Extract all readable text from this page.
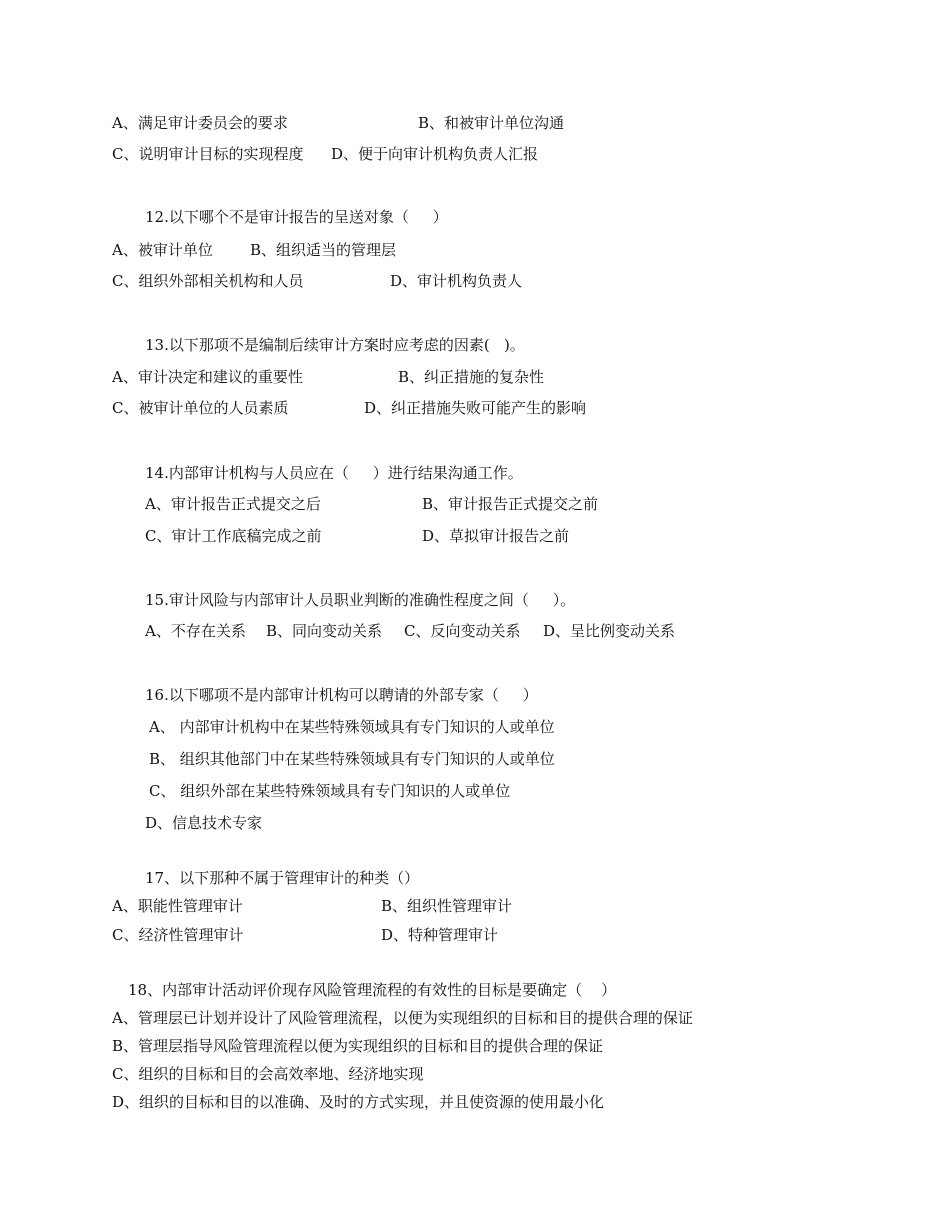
A、满足审计委员会的要求	B、和被审计单位沟通
C、说明审计目标的实现程度 D、便于向审计机构负责人汇报
12.以下哪个不是审计报告的呈送对象（     ）
A、被审计单位 B、组织适当的管理层
C、组织外部相关机构和人员	D、审计机构负责人
13.以下那项不是编制后续审计方案时应考虑的因素(   )。
A、审计决定和建议的重要性	B、纠正措施的复杂性
C、被审计单位的人员素质	D、纠正措施失败可能产生的影响
14.内部审计机构与人员应在（     ）进行结果沟通工作。
A、审计报告正式提交之后	B、审计报告正式提交之前
C、审计工作底稿完成之前	D、草拟审计报告之前
15.审计风险与内部审计人员职业判断的准确性程度之间（     ）。
A、不存在关系 B、同向变动关系 C、反向变动关系 D、呈比例变动关系
16.以下哪项不是内部审计机构可以聘请的外部专家（     ）
A、 内部审计机构中在某些特殊领域具有专门知识的人或单位
B、 组织其他部门中在某些特殊领域具有专门知识的人或单位
C、 组织外部在某些特殊领域具有专门知识的人或单位
D、信息技术专家
17、以下那种不属于管理审计的种类（）
A、职能性管理审计	B、组织性管理审计
C、经济性管理审计	D、特种管理审计
18、内部审计活动评价现存风险管理流程的有效性的目标是要确定（    ）
A、管理层已计划并设计了风险管理流程，以便为实现组织的目标和目的提供合理的保证
B、管理层指导风险管理流程以便为实现组织的目标和目的提供合理的保证
C、组织的目标和目的会高效率地、经济地实现
D、组织的目标和目的以准确、及时的方式实现，并且使资源的使用最小化
